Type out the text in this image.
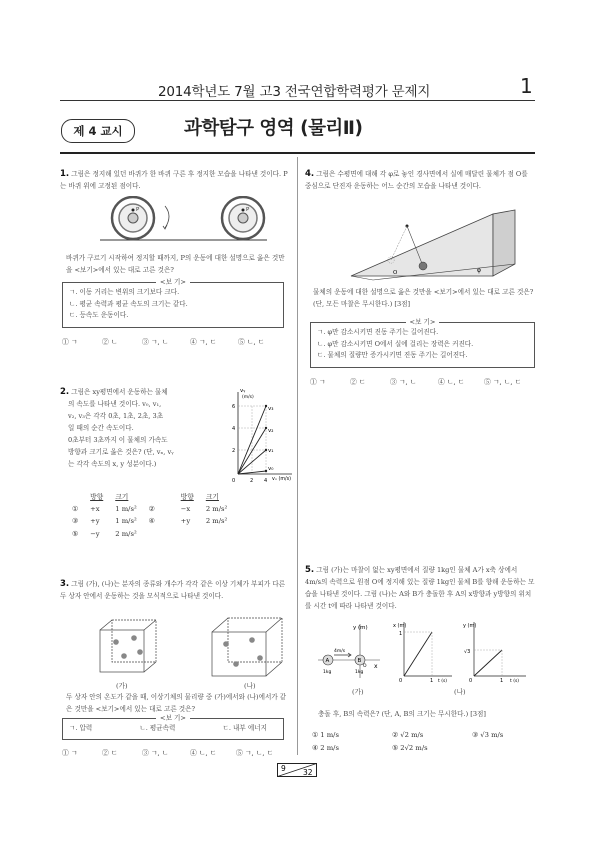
2014학년도 7월 고3 전국연합학력평가 문제지	1
제 4 교시	과학탐구 영역 (물리Ⅱ)
1. 그림은 정지해 있던 바퀴가 한 바퀴 구른 후 정지한 모습을 나타낸 것이다. P는 바퀴 위에 고정된 점이다.
P	P
바퀴가 구르기 시작하여 정지할 때까지, P의 운동에 대한 설명으로 옳은 것만을 <보기>에서 있는 대로 고른 것은?
<보 기>
ㄱ. 이동 거리는 변위의 크기보다 크다.
ㄴ. 평균 속력과 평균 속도의 크기는 같다.
ㄷ. 등속도 운동이다.
① ㄱ	② ㄴ	③ ㄱ, ㄴ	④ ㄱ, ㄷ	⑤ ㄴ, ㄷ
2. 그림은 xy평면에서 운동하는 물체
의 속도를 나타낸 것이다. v₀, v₁,
v₂, v₃은 각각 0초, 1초, 2초, 3초
일 때의 순간 속도이다.
0초부터 3초까지 이 물체의 가속도
방향과 크기로 옳은 것은? (단, vₓ, vᵧ
는 각각 속도의 x, y 성분이다.)
vᵧ
(m/s)
6
4
2
0	2 4 vₓ (m/s)
v₃
v₂
v₁
v₀
	방향	크기		방향	크기
①	+x	1 m/s²	②	−x	2 m/s²
③	+y	1 m/s²	④	+y	2 m/s²
⑤	−y	2 m/s²			
3. 그림 (가), (나)는 분자의 종류와 개수가 각각 같은 이상 기체가 부피가 다른 두 상자 안에서 운동하는 것을 모식적으로 나타낸 것이다.
(가)	(나)
두 상자 안의 온도가 같을 때, 이상기체의 물리량 중 (가)에서와 (나)에서가 같은 것만을 <보기>에서 있는 대로 고른 것은?
<보 기>
ㄱ. 압력	ㄴ. 평균속력	ㄷ. 내부 에너지
① ㄱ	② ㄷ	③ ㄱ, ㄴ	④ ㄴ, ㄷ	⑤ ㄱ, ㄴ, ㄷ
4. 그림은 수평면에 대해 각 φ로 놓인 경사면에서 실에 매달린 물체가 점 O를 중심으로 단진자 운동하는 어느 순간의 모습을 나타낸 것이다.
O	φ
물체의 운동에 대한 설명으로 옳은 것만을 <보기>에서 있는 대로 고른 것은? (단, 모든 마찰은 무시한다.) [3점]
<보 기>
ㄱ. φ만 감소시키면 진동 주기는 길어진다.
ㄴ. φ만 감소시키면 O에서 실에 걸리는 장력은 커진다.
ㄷ. 물체의 질량만 증가시키면 진동 주기는 길어진다.
① ㄱ	② ㄷ	③ ㄱ, ㄴ	④ ㄴ, ㄷ	⑤ ㄱ, ㄴ, ㄷ
5. 그림 (가)는 마찰이 없는 xy평면에서 질량 1kg인 물체 A가 x축 상에서 4m/s의 속력으로 원점 O에 정지해 있는 질량 1kg인 물체 B를 향해 운동하는 모습을 나타낸 것이다. 그림 (나)는 A와 B가 충돌한 후 A의 x방향과 y방향의 위치를 시간 t에 따라 나타낸 것이다.
y (m)
x
A
4m/s
B
1kg	1kg
O
x (m)
1
0	1 t (s)
y (m)
√3
0	1 t (s)
(가)	(나)
충돌 후, B의 속력은? (단, A, B의 크기는 무시한다.) [3점]
① 1 m/s	② √2 m/s	③ √3 m/s
④ 2 m/s	⑤ 2√2 m/s
9 32
